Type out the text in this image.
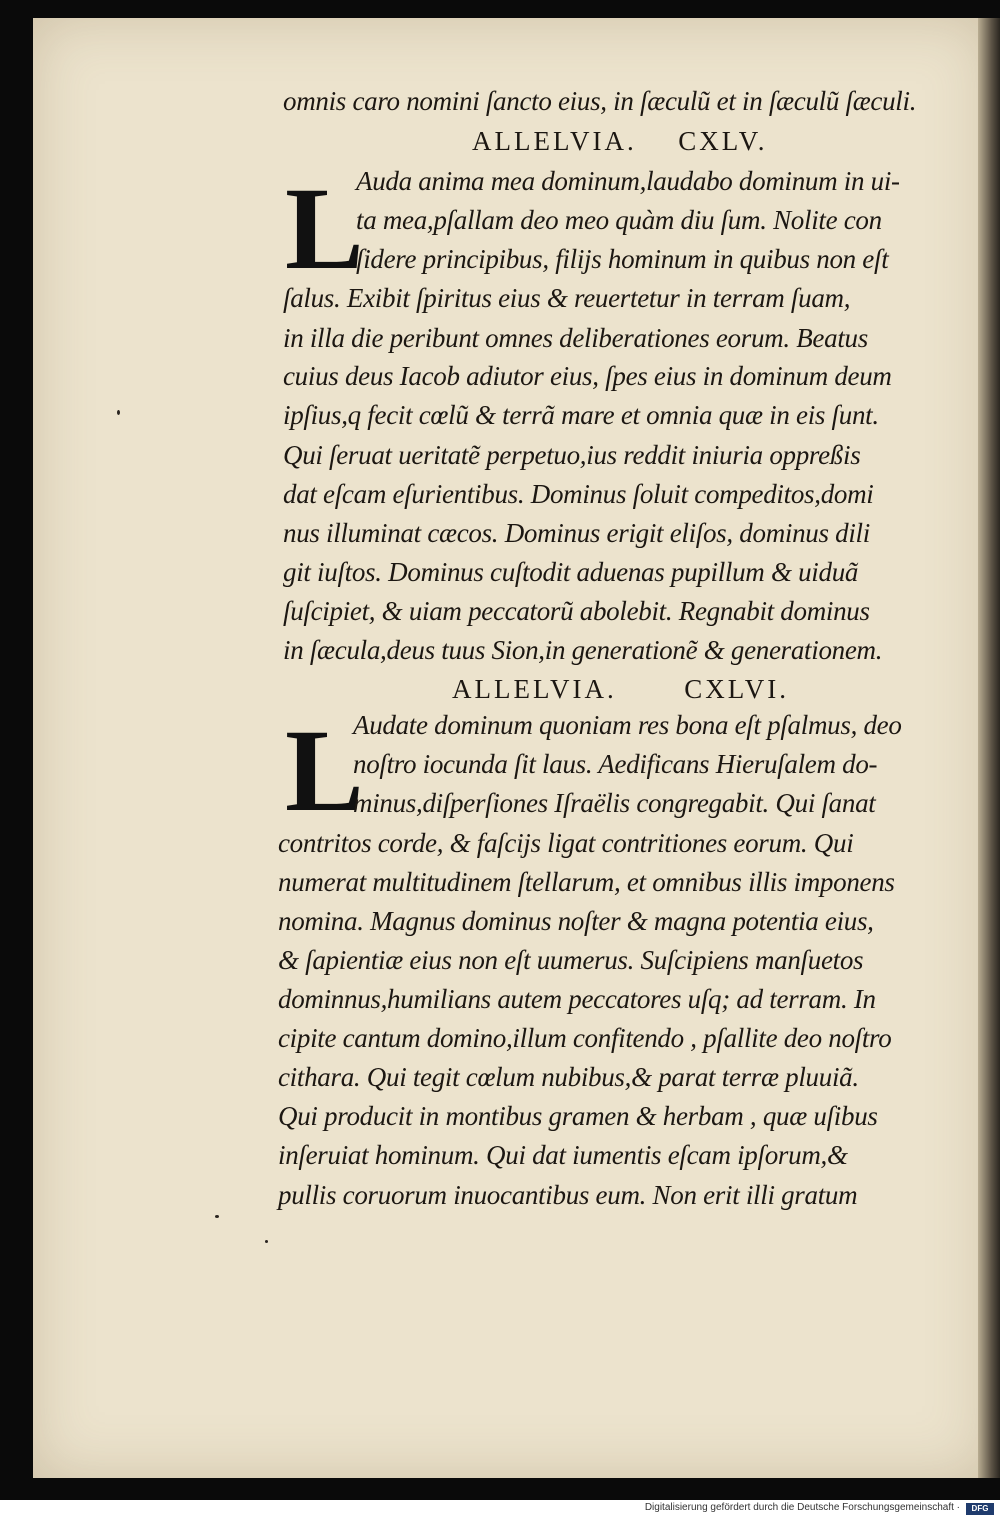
omnis caro nomini ſancto eius, in ſæculũ et in ſæculũ ſæculi.
ALLELVIA. CXLV.
L
Auda anima mea dominum,laudabo dominum in ui-
ta mea,pſallam deo meo quàm diu ſum. Nolite con
ſidere principibus, filijs hominum in quibus non eſt
ſalus. Exibit ſpiritus eius & reuertetur in terram ſuam,
in illa die peribunt omnes deliberationes eorum. Beatus
cuius deus Iacob adiutor eius, ſpes eius in dominum deum
ipſius,q fecit cœlũ & terrã mare et omnia quæ in eis ſunt.
Qui ſeruat ueritatẽ perpetuo,ius reddit iniuria oppreßis
dat eſcam eſurientibus. Dominus ſoluit compeditos,domi
nus illuminat cæcos. Dominus erigit eliſos, dominus dili
git iuſtos. Dominus cuſtodit aduenas pupillum & uiduã
ſuſcipiet, & uiam peccatorũ abolebit. Regnabit dominus
in ſæcula,deus tuus Sion,in generationẽ & generationem.
ALLELVIA.	CXLVI.
L
Audate dominum quoniam res bona eſt pſalmus, deo
noſtro iocunda ſit laus. Aedificans Hieruſalem do-
minus,diſperſiones Iſraëlis congregabit. Qui ſanat
contritos corde, & faſcijs ligat contritiones eorum. Qui
numerat multitudinem ſtellarum, et omnibus illis imponens
nomina. Magnus dominus noſter & magna potentia eius,
& ſapientiæ eius non eſt uumerus. Suſcipiens manſuetos
dominnus,humilians autem peccatores uſq; ad terram. In
cipite cantum domino,illum confitendo , pſallite deo noſtro
cithara. Qui tegit cœlum nubibus,& parat terræ pluuiã.
Qui producit in montibus gramen & herbam , quæ uſibus
inſeruiat hominum. Qui dat iumentis eſcam ipſorum,&
pullis coruorum inuocantibus eum. Non erit illi gratum
Digitalisierung gefördert durch die Deutsche Forschungsgemeinschaft ·	DFG
